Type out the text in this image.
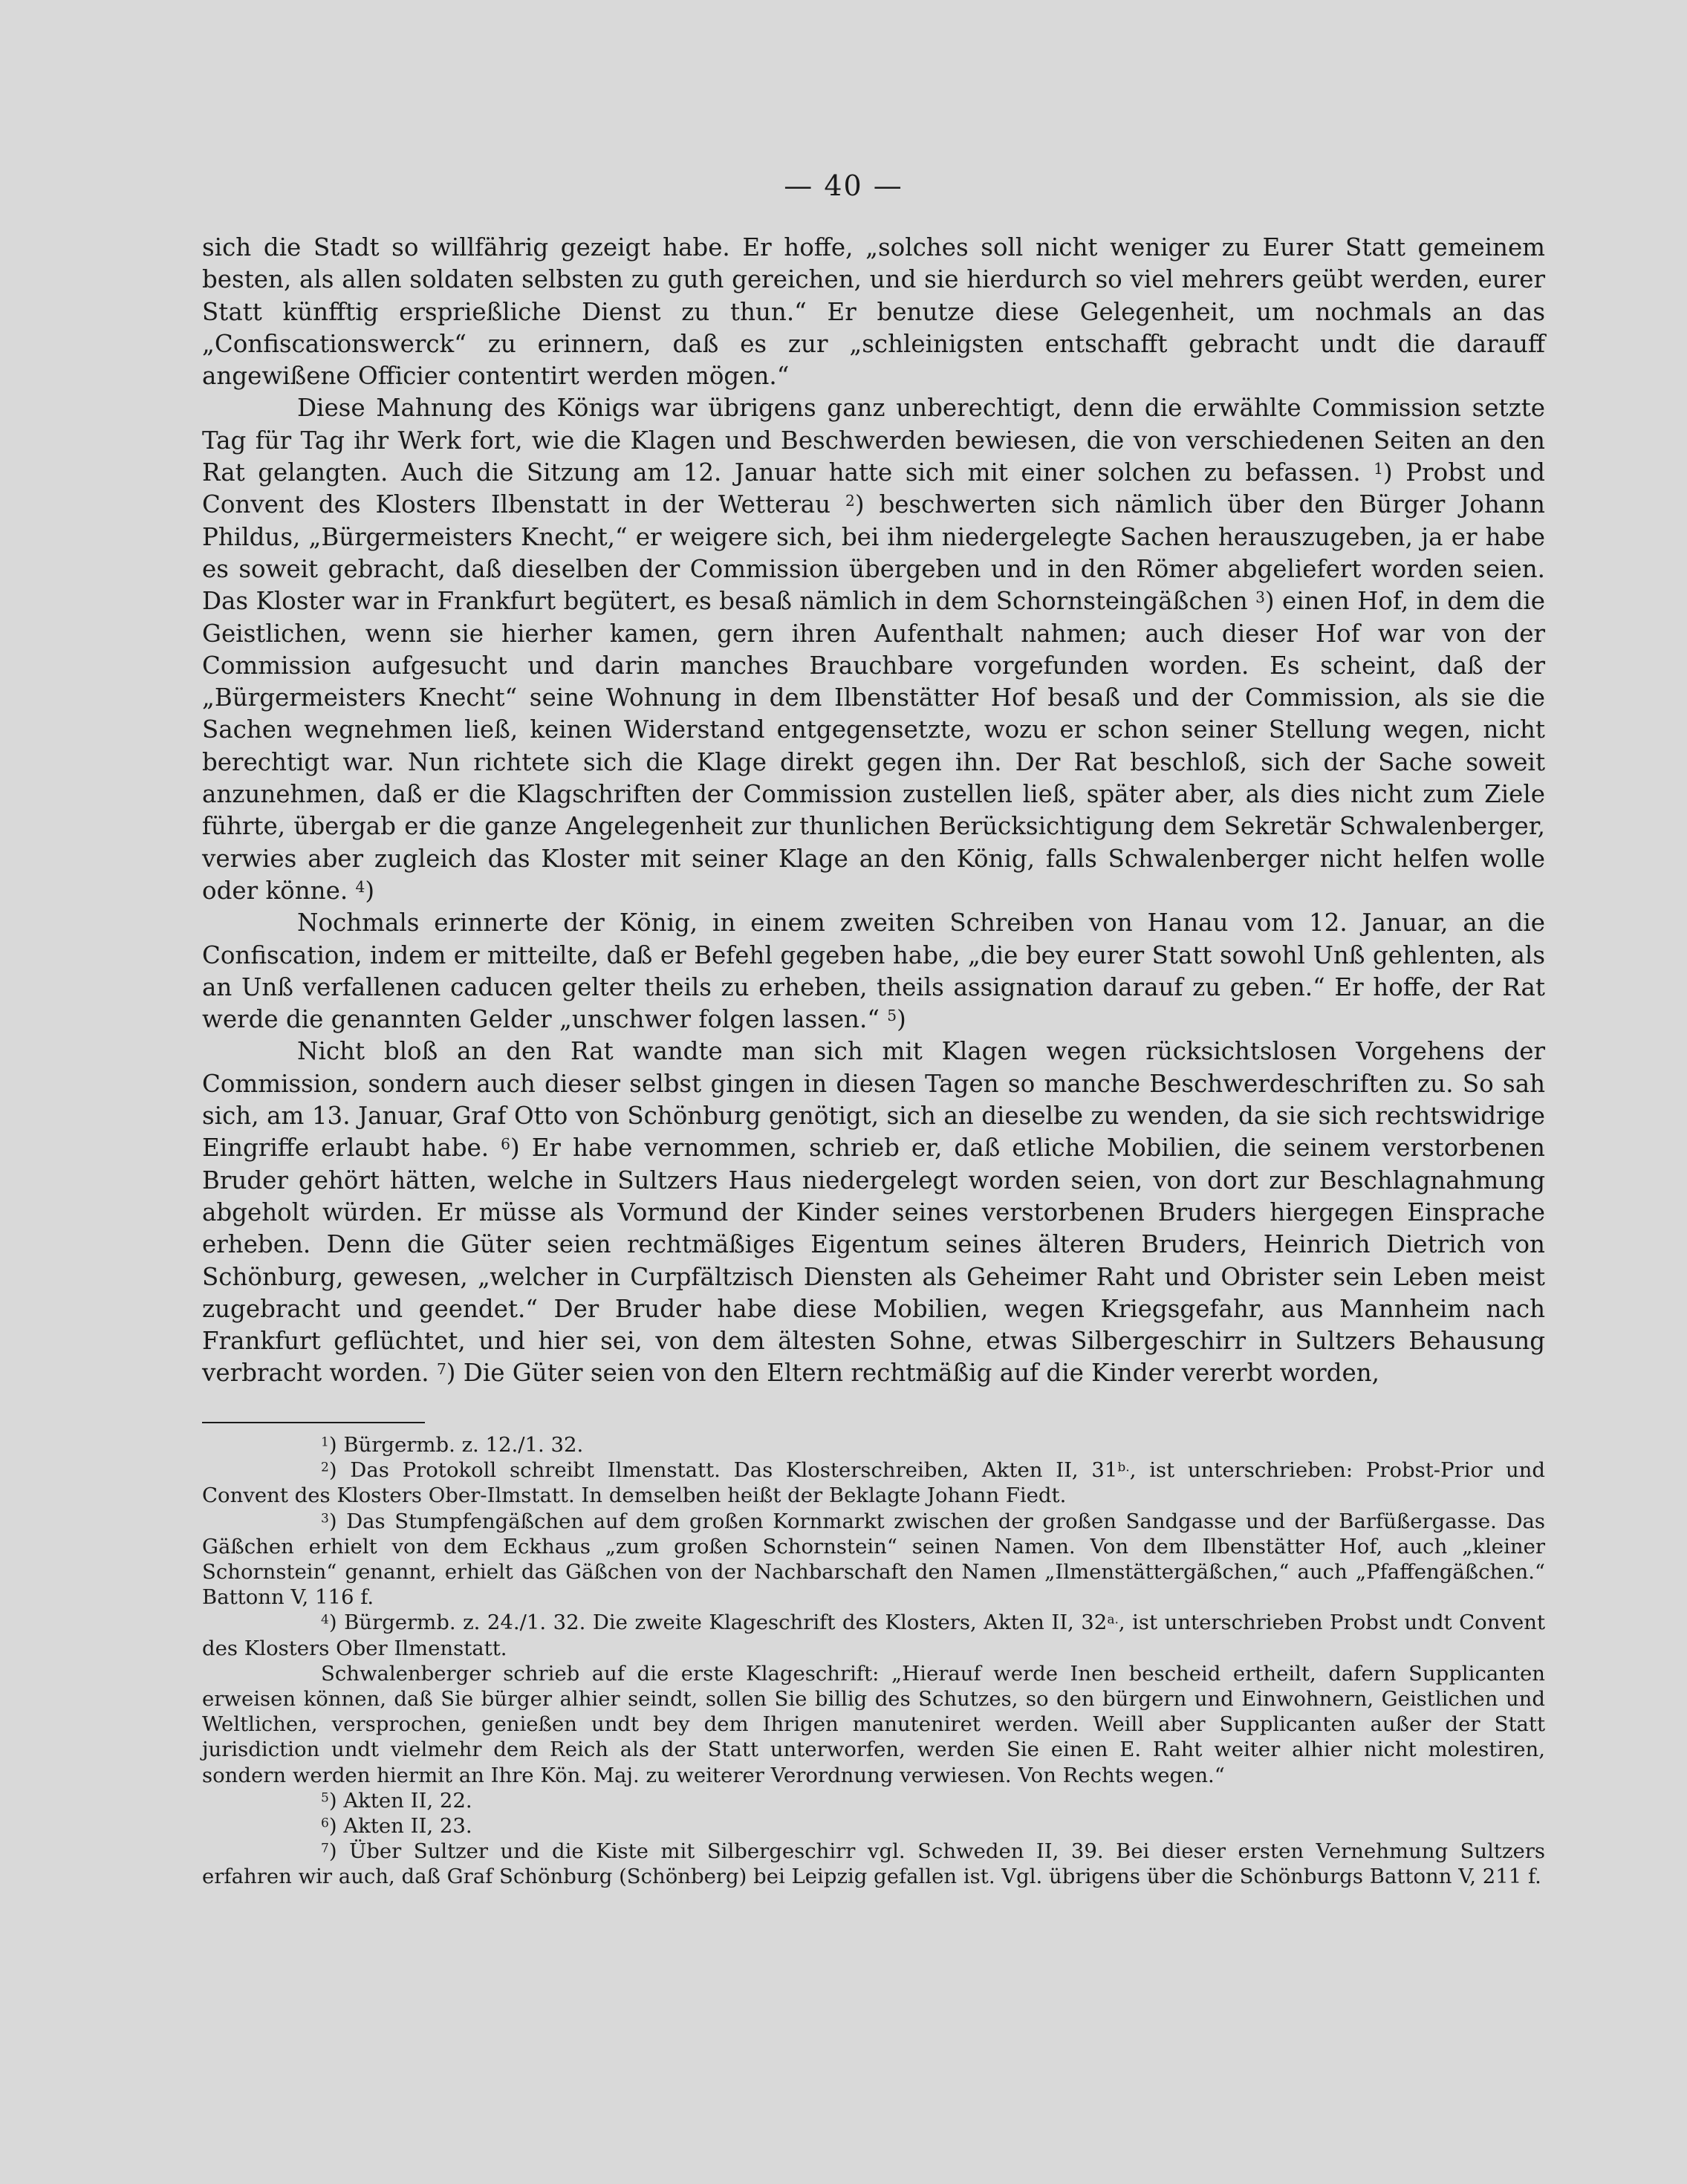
— 40 —

sich die Stadt so willfährig gezeigt habe. Er hoffe, „solches soll nicht weniger zu Eurer Statt gemeinem besten, als allen soldaten selbsten zu guth gereichen, und sie hierdurch so viel mehrers geübt werden, eurer Statt künfftig ersprießliche Dienst zu thun.“ Er benutze diese Gelegenheit, um nochmals an das „Confiscationswerck“ zu erinnern, daß es zur „schleinigsten entschafft gebracht undt die darauff angewißene Officier contentirt werden mögen.“

Diese Mahnung des Königs war übrigens ganz unberechtigt, denn die erwählte Commission setzte Tag für Tag ihr Werk fort, wie die Klagen und Beschwerden bewiesen, die von verschiedenen Seiten an den Rat gelangten. Auch die Sitzung am 12. Januar hatte sich mit einer solchen zu befassen. $^1$) Probst und Convent des Klosters Ilbenstatt in der Wetterau $^2$) beschwerten sich nämlich über den Bürger Johann Phildus, „Bürgermeisters Knecht,“ er weigere sich, bei ihm niedergelegte Sachen herauszugeben, ja er habe es soweit gebracht, daß dieselben der Commission übergeben und in den Römer abgeliefert worden seien. Das Kloster war in Frankfurt begütert, es besaß nämlich in dem Schornsteingäßchen $^3$) einen Hof, in dem die Geistlichen, wenn sie hierher kamen, gern ihren Aufenthalt nahmen; auch dieser Hof war von der Commission aufgesucht und darin manches Brauchbare vorgefunden worden. Es scheint, daß der „Bürgermeisters Knecht“ seine Wohnung in dem Ilbenstätter Hof besaß und der Commission, als sie die Sachen wegnehmen ließ, keinen Widerstand entgegensetzte, wozu er schon seiner Stellung wegen, nicht berechtigt war. Nun richtete sich die Klage direkt gegen ihn. Der Rat beschloß, sich der Sache soweit anzunehmen, daß er die Klagschriften der Commission zustellen ließ, später aber, als dies nicht zum Ziele führte, übergab er die ganze Angelegenheit zur thunlichen Berücksichtigung dem Sekretär Schwalenberger, verwies aber zugleich das Kloster mit seiner Klage an den König, falls Schwalenberger nicht helfen wolle oder könne. $^4$)

Nochmals erinnerte der König, in einem zweiten Schreiben von Hanau vom 12. Januar, an die Confiscation, indem er mitteilte, daß er Befehl gegeben habe, „die bey eurer Statt sowohl Unß gehlenten, als an Unß verfallenen caducen gelter theils zu erheben, theils assignation darauf zu geben.“ Er hoffe, der Rat werde die genannten Gelder „unschwer folgen lassen.“ $^5$)

Nicht bloß an den Rat wandte man sich mit Klagen wegen rücksichtslosen Vorgehens der Commission, sondern auch dieser selbst gingen in diesen Tagen so manche Beschwerdeschriften zu. So sah sich, am 13. Januar, Graf Otto von Schönburg genötigt, sich an dieselbe zu wenden, da sie sich rechtswidrige Eingriffe erlaubt habe. $^6$) Er habe vernommen, schrieb er, daß etliche Mobilien, die seinem verstorbenen Bruder gehört hätten, welche in Sultzers Haus niedergelegt worden seien, von dort zur Beschlagnahmung abgeholt würden. Er müsse als Vormund der Kinder seines verstorbenen Bruders hiergegen Einsprache erheben. Denn die Güter seien rechtmäßiges Eigentum seines älteren Bruders, Heinrich Dietrich von Schönburg, gewesen, „welcher in Curpfältzisch Diensten als Geheimer Raht und Obrister sein Leben meist zugebracht und geendet.“ Der Bruder habe diese Mobilien, wegen Kriegsgefahr, aus Mannheim nach Frankfurt geflüchtet, und hier sei, von dem ältesten Sohne, etwas Silbergeschirr in Sultzers Behausung verbracht worden. $^7$) Die Güter seien von den Eltern rechtmäßig auf die Kinder vererbt worden,

$^1$) Bürgermb. z. 12./1. 32.

$^2$) Das Protokoll schreibt Ilmenstatt. Das Klosterschreiben, Akten II, $31^{b.}$, ist unterschrieben: Probst-Prior und Convent des Klosters Ober-Ilmstatt. In demselben heißt der Beklagte Johann Fiedt.

$^3$) Das Stumpfengäßchen auf dem großen Kornmarkt zwischen der großen Sandgasse und der Barfüßergasse. Das Gäßchen erhielt von dem Eckhaus „zum großen Schornstein“ seinen Namen. Von dem Ilbenstätter Hof, auch „kleiner Schornstein“ genannt, erhielt das Gäßchen von der Nachbarschaft den Namen „Ilmenstättergäßchen,“ auch „Pfaffengäßchen.“ Battonn V, 116 f.

$^4$) Bürgermb. z. 24./1. 32. Die zweite Klageschrift des Klosters, Akten II, $32^{a.}$, ist unterschrieben Probst undt Convent des Klosters Ober Ilmenstatt.

Schwalenberger schrieb auf die erste Klageschrift: „Hierauf werde Inen bescheid ertheilt, dafern Supplicanten erweisen können, daß Sie bürger alhier seindt, sollen Sie billig des Schutzes, so den bürgern und Einwohnern, Geistlichen und Weltlichen, versprochen, genießen undt bey dem Ihrigen manuteniret werden. Weill aber Supplicanten außer der Statt jurisdiction undt vielmehr dem Reich als der Statt unterworfen, werden Sie einen E. Raht weiter alhier nicht molestiren, sondern werden hiermit an Ihre Kön. Maj. zu weiterer Verordnung verwiesen. Von Rechts wegen.“

$^5$) Akten II, 22.

$^6$) Akten II, 23.

$^7$) Über Sultzer und die Kiste mit Silbergeschirr vgl. Schweden II, 39. Bei dieser ersten Vernehmung Sultzers erfahren wir auch, daß Graf Schönburg (Schönberg) bei Leipzig gefallen ist. Vgl. übrigens über die Schönburgs Battonn V, 211 f.
